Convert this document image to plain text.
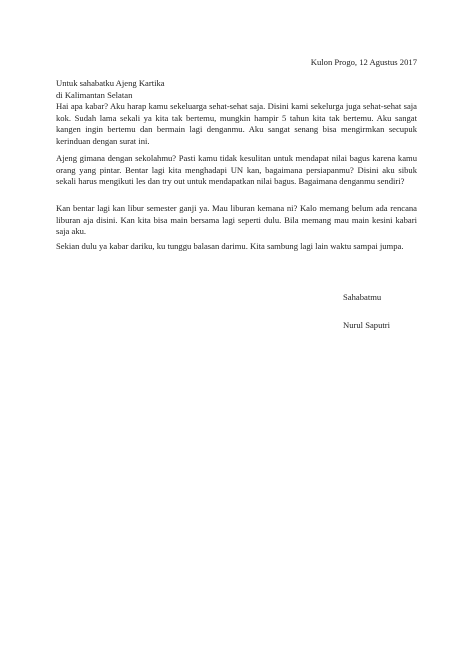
Kulon Progo, 12 Agustus 2017
Untuk sahabatku Ajeng Kartika
di Kalimantan Selatan

Hai apa kabar? Aku harap kamu sekeluarga sehat-sehat saja. Disini kami sekelurga juga sehat-sehat saja kok. Sudah lama sekali ya kita tak bertemu, mungkin hampir 5 tahun kita tak bertemu. Aku sangat kangen ingin bertemu dan bermain lagi denganmu. Aku sangat senang bisa mengirmkan secupuk kerinduan dengan surat ini.

Ajeng gimana dengan sekolahmu? Pasti kamu tidak kesulitan untuk mendapat nilai bagus karena kamu orang yang pintar. Bentar lagi kita menghadapi UN kan, bagaimana persiapanmu? Disini aku sibuk sekali harus mengikuti les dan try out untuk mendapatkan nilai bagus. Bagaimana denganmu sendiri?

Kan bentar lagi kan libur semester ganji ya. Mau liburan kemana ni? Kalo memang belum ada rencana liburan aja disini. Kan kita bisa main bersama lagi seperti dulu. Bila memang mau main kesini kabari saja aku.

Sekian dulu ya kabar dariku, ku tunggu balasan darimu. Kita sambung lagi lain waktu sampai jumpa.

Sahabatmu
Nurul Saputri
